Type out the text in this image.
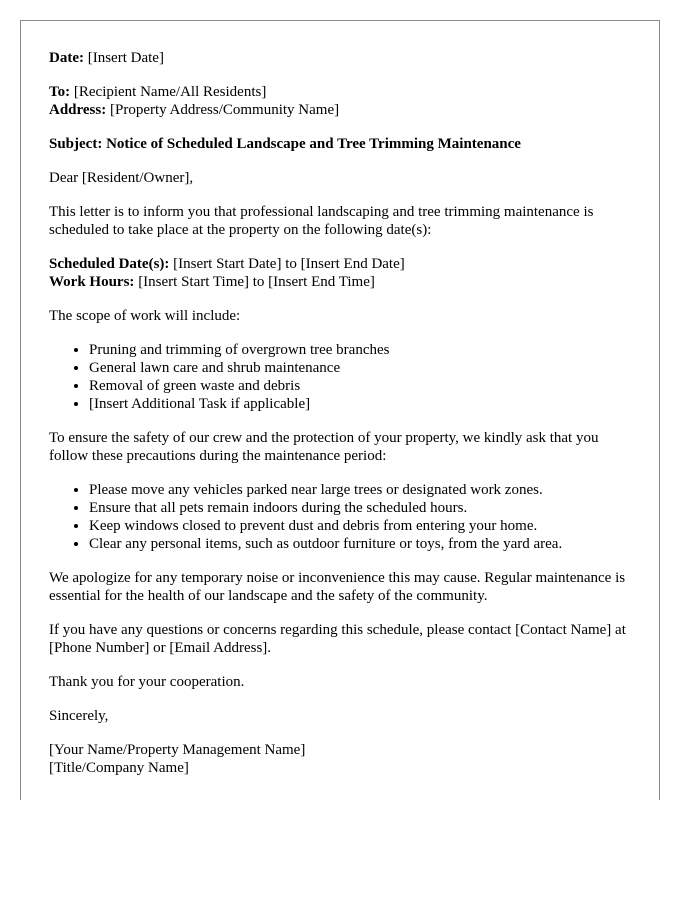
Date: [Insert Date]

To: [Recipient Name/All Residents]
Address: [Property Address/Community Name]

Subject: Notice of Scheduled Landscape and Tree Trimming Maintenance

Dear [Resident/Owner],

This letter is to inform you that professional landscaping and tree trimming maintenance is scheduled to take place at the property on the following date(s):

Scheduled Date(s): [Insert Start Date] to [Insert End Date]
Work Hours: [Insert Start Time] to [Insert End Time]

The scope of work will include:

• Pruning and trimming of overgrown tree branches
• General lawn care and shrub maintenance
• Removal of green waste and debris
• [Insert Additional Task if applicable]

To ensure the safety of our crew and the protection of your property, we kindly ask that you follow these precautions during the maintenance period:

• Please move any vehicles parked near large trees or designated work zones.
• Ensure that all pets remain indoors during the scheduled hours.
• Keep windows closed to prevent dust and debris from entering your home.
• Clear any personal items, such as outdoor furniture or toys, from the yard area.

We apologize for any temporary noise or inconvenience this may cause. Regular maintenance is essential for the health of our landscape and the safety of the community.

If you have any questions or concerns regarding this schedule, please contact [Contact Name] at [Phone Number] or [Email Address].

Thank you for your cooperation.

Sincerely,

[Your Name/Property Management Name]
[Title/Company Name]
